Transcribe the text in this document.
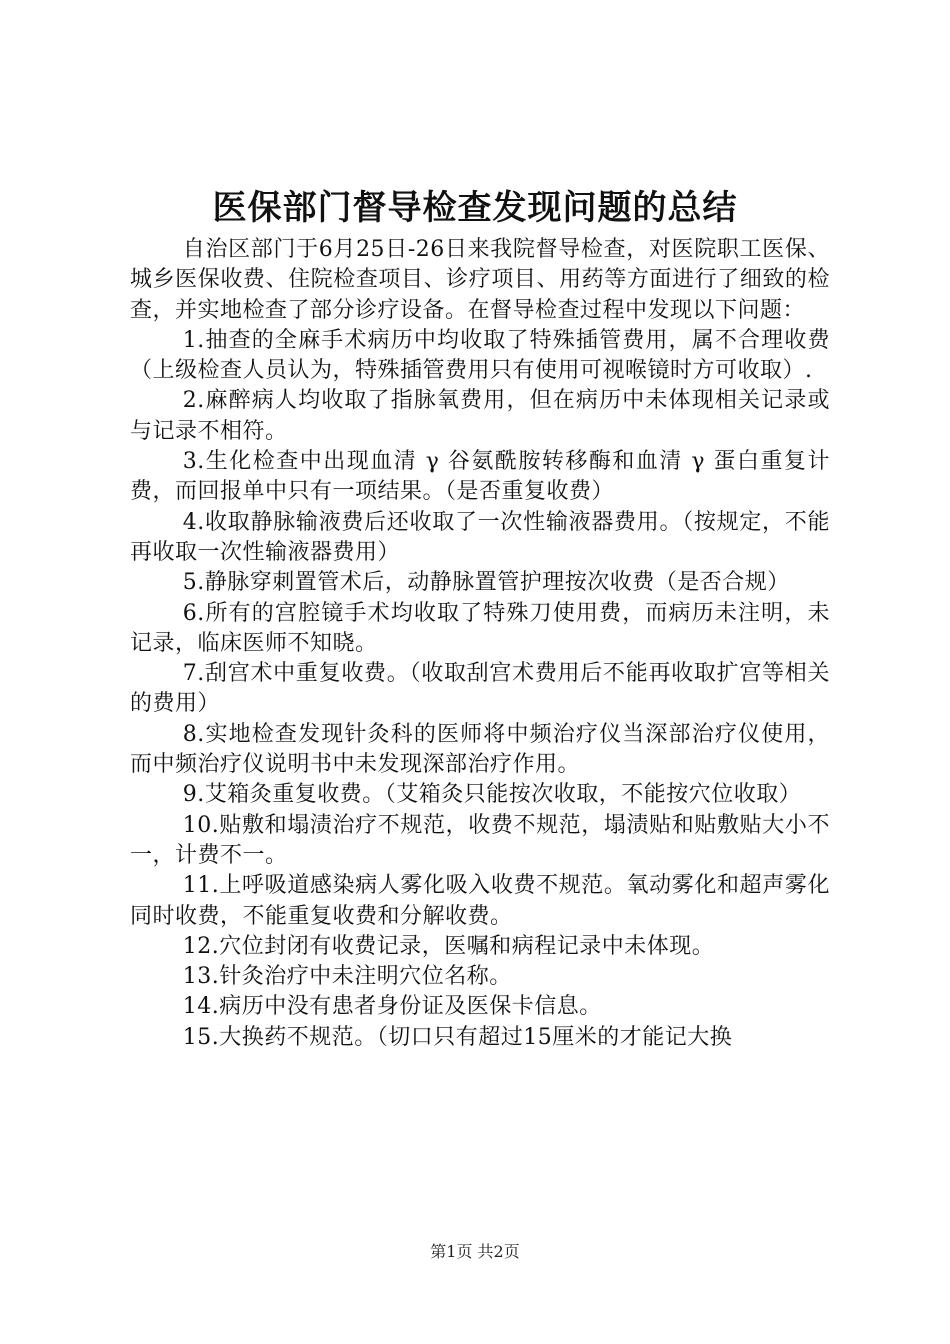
医保部门督导检查发现问题的总结

自治区部门于6月25日-26日来我院督导检查，对医院职工医保、城乡医保收费、住院检查项目、诊疗项目、用药等方面进行了细致的检查，并实地检查了部分诊疗设备。在督导检查过程中发现以下问题：

1.抽查的全麻手术病历中均收取了特殊插管费用，属不合理收费（上级检查人员认为，特殊插管费用只有使用可视喉镜时方可收取）.

2.麻醉病人均收取了指脉氧费用，但在病历中未体现相关记录或与记录不相符。

3.生化检查中出现血清 γ 谷氨酰胺转移酶和血清 γ 蛋白重复计费，而回报单中只有一项结果。（是否重复收费）

4.收取静脉输液费后还收取了一次性输液器费用。（按规定，不能再收取一次性输液器费用）

5.静脉穿刺置管术后，动静脉置管护理按次收费（是否合规）

6.所有的宫腔镜手术均收取了特殊刀使用费，而病历未注明，未记录，临床医师不知晓。

7.刮宫术中重复收费。（收取刮宫术费用后不能再收取扩宫等相关的费用）

8.实地检查发现针灸科的医师将中频治疗仪当深部治疗仪使用，而中频治疗仪说明书中未发现深部治疗作用。

9.艾箱灸重复收费。（艾箱灸只能按次收取，不能按穴位收取）

10.贴敷和塌渍治疗不规范，收费不规范，塌渍贴和贴敷贴大小不一，计费不一。

11.上呼吸道感染病人雾化吸入收费不规范。氧动雾化和超声雾化同时收费，不能重复收费和分解收费。

12.穴位封闭有收费记录，医嘱和病程记录中未体现。

13.针灸治疗中未注明穴位名称。

14.病历中没有患者身份证及医保卡信息。

15.大换药不规范。（切口只有超过15厘米的才能记大换

第1页 共2页
